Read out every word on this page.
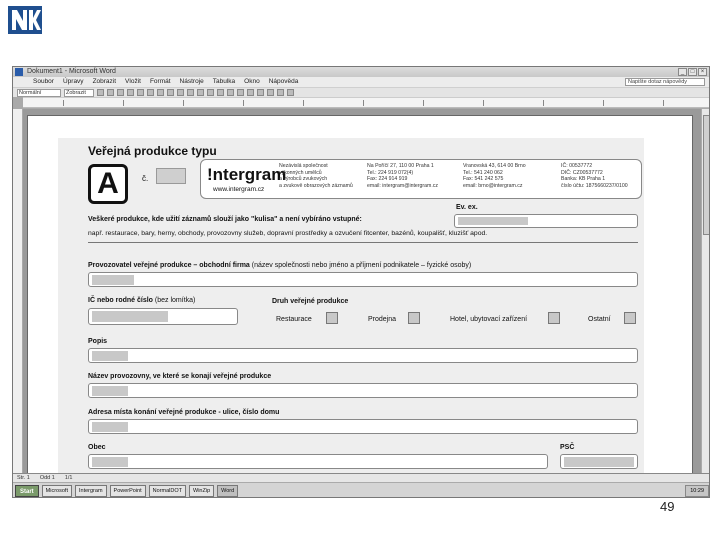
Dokument1 - Microsoft Word	_	□	×
Soubor Úpravy Zobrazit Vložit Formát Nástroje Tabulka Okno Nápověda	Napište dotaz nápovědy
Normální	Zobrazit
Veřejná produkce typu
A	č.	!ntergram
www.intergram.cz
Nezávislá společnost
výkonných umělců
a výrobců zvukových
a zvukově obrazových záznamů
Na Poříčí 27, 110 00 Praha 1
Tel.: 224 919 072(4)
Fax: 224 914 919
email: intergram@intergram.cz
Vranovská 43, 614 00 Brno
Tel.: 541 240 062
Fax: 541 242 575
email: brno@intergram.cz
IČ: 00537772
DIČ: CZ00537772
Banka: KB Praha 1
číslo účtu: 1875660237/0100
Ev. ex.
Veškeré produkce, kde užití záznamů slouží jako "kulisa" a není vybíráno vstupné:
např. restaurace, bary, herny, obchody, provozovny služeb, dopravní prostředky a ozvučení fitcenter, bazénů, koupališť, kluzišť apod.
Provozovatel veřejné produkce – obchodní firma (název společnosti nebo jméno a příjmení podnikatele – fyzické osoby)
IČ nebo rodné číslo (bez lomítka)	Druh veřejné produkce
Restaurace	Prodejna	Hotel, ubytovací zařízení	Ostatní
Popis
Název provozovny, ve které se konají veřejné produkce
Adresa místa konání veřejné produkce - ulice, číslo domu
Obec	PSČ
Str. 1 Odd 1 1/1
Start	Microsoft	Intergram	PowerPoint	NormalDOT	WinZip	Word	10:29
49
